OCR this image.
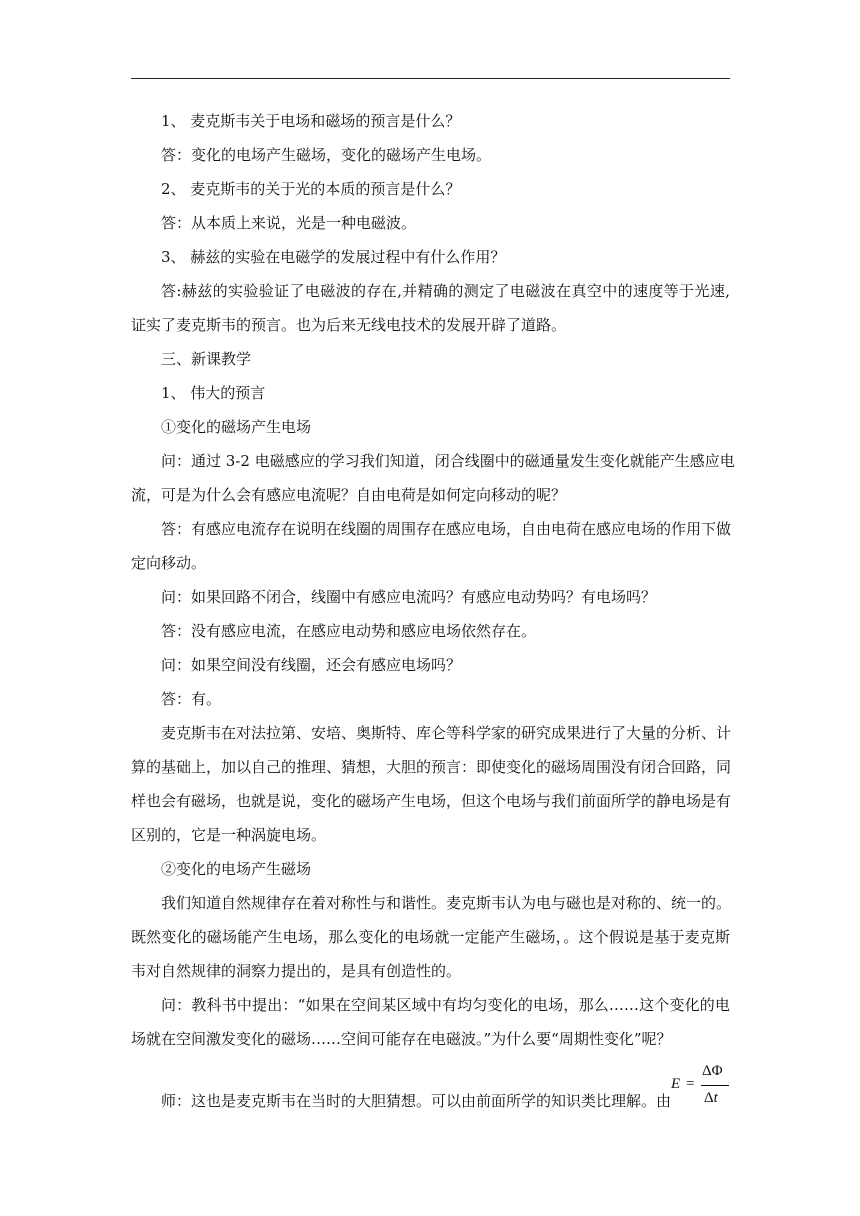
1、 麦克斯韦关于电场和磁场的预言是什么？
答：变化的电场产生磁场，变化的磁场产生电场。
2、 麦克斯韦的关于光的本质的预言是什么？
答：从本质上来说，光是一种电磁波。
3、 赫兹的实验在电磁学的发展过程中有什么作用？
答:赫兹的实验验证了电磁波的存在,并精确的测定了电磁波在真空中的速度等于光速,
证实了麦克斯韦的预言。也为后来无线电技术的发展开辟了道路。
三、新课教学
1、 伟大的预言
①变化的磁场产生电场
问：通过 3-2 电磁感应的学习我们知道，闭合线圈中的磁通量发生变化就能产生感应电
流，可是为什么会有感应电流呢？自由电荷是如何定向移动的呢？
答：有感应电流存在说明在线圈的周围存在感应电场，自由电荷在感应电场的作用下做
定向移动。
问：如果回路不闭合，线圈中有感应电流吗？有感应电动势吗？有电场吗？
答：没有感应电流，在感应电动势和感应电场依然存在。
问：如果空间没有线圈，还会有感应电场吗？
答：有。
麦克斯韦在对法拉第、安培、奥斯特、库仑等科学家的研究成果进行了大量的分析、计
算的基础上，加以自己的推理、猜想，大胆的预言：即使变化的磁场周围没有闭合回路，同
样也会有磁场，也就是说，变化的磁场产生电场，但这个电场与我们前面所学的静电场是有
区别的，它是一种涡旋电场。
②变化的电场产生磁场
我们知道自然规律存在着对称性与和谐性。麦克斯韦认为电与磁也是对称的、统一的。
既然变化的磁场能产生电场，那么变化的电场就一定能产生磁场，。这个假说是基于麦克斯
韦对自然规律的洞察力提出的，是具有创造性的。
问：教科书中提出：“如果在空间某区域中有均匀变化的电场，那么……这个变化的电
场就在空间激发变化的磁场……空间可能存在电磁波。”为什么要“周期性变化”呢？
师：这也是麦克斯韦在当时的大胆猜想。可以由前面所学的知识类比理解。由
E =
ΔΦ
Δt
